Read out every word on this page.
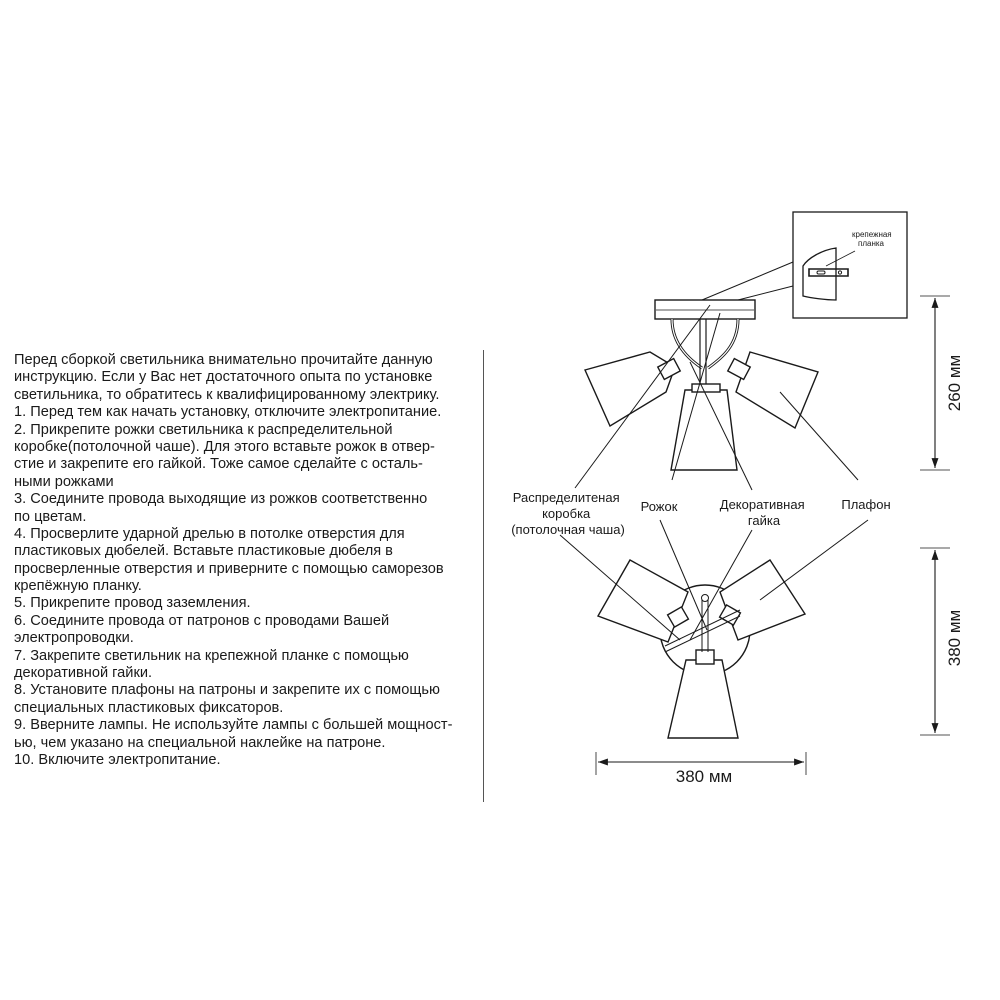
Перед сборкой светильника внимательно прочитайте данную
инструкцию. Если у Вас нет достаточного опыта по установке
светильника, то обратитесь к квалифицированному электрику.
1. Перед тем как начать установку, отключите электропитание.
2. Прикрепите рожки светильника к распределительной
коробке(потолочной чаше). Для этого вставьте рожок в отвер-
стие и закрепите его гайкой. Тоже самое сделайте с осталь-
ными рожками
3. Соедините провода выходящие из рожков соответственно
по цветам.
4. Просверлите ударной дрелью в потолке отверстия для
пластиковых дюбелей. Вставьте пластиковые дюбеля в
просверленные отверстия и приверните с помощью саморезов
крепёжную планку.
5. Прикрепите провод заземления.
6. Соедините провода от патронов с проводами Вашей
электропроводки.
7. Закрепите светильник на крепежной планке с помощью
декоративной гайки.
8. Установите плафоны на патроны и закрепите их с помощью
специальных пластиковых фиксаторов.
9. Вверните лампы. Не используйте лампы с большей мощност-
ью, чем указано на специальной наклейке на патроне.
10. Включите электропитание.
крепежная планка
Распределитеная коробка (потолочная чаша)
Рожок	Декоративная гайка
Плафон
260 мм
380 мм
380 мм
